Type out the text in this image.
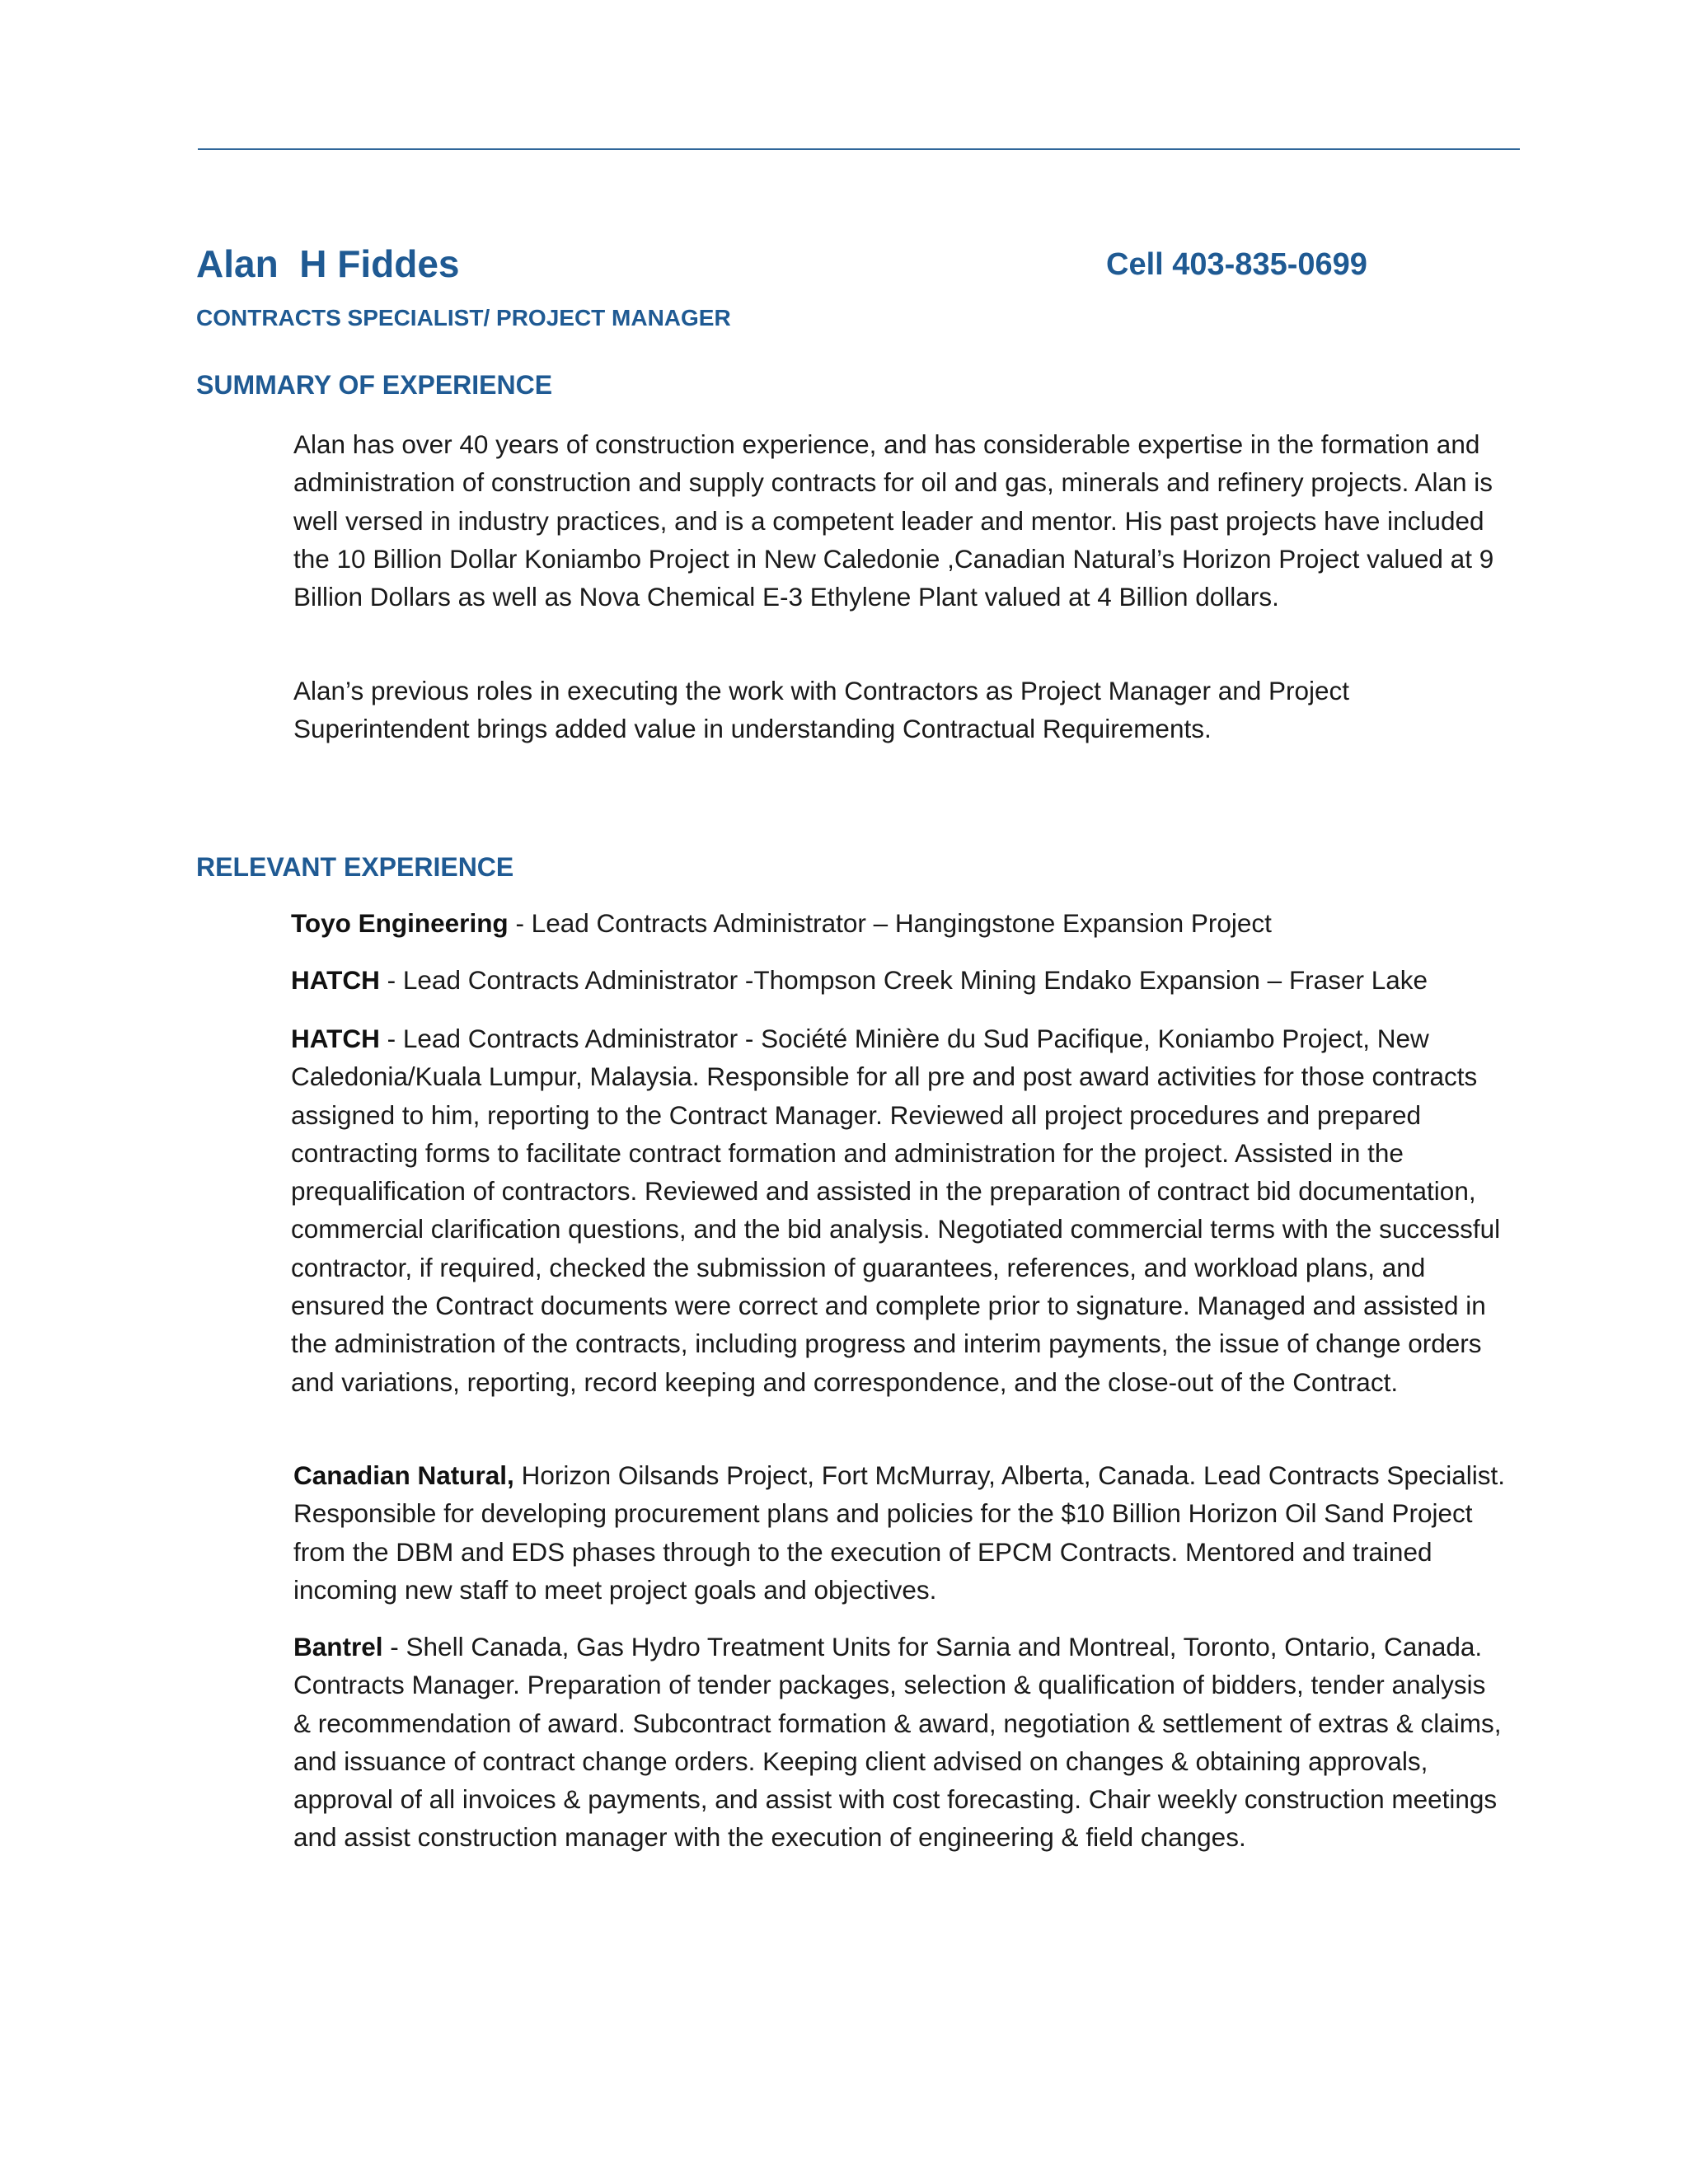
Alan  H Fiddes	Cell 403-835-0699
CONTRACTS SPECIALIST/ PROJECT MANAGER
SUMMARY OF EXPERIENCE

Alan has over 40 years of construction experience, and has considerable expertise in the formation and administration of construction and supply contracts for oil and gas, minerals and refinery projects. Alan is well versed in industry practices, and is a competent leader and mentor. His past projects have included the 10 Billion Dollar Koniambo Project in New Caledonie ,Canadian Natural’s Horizon Project valued at 9 Billion Dollars as well as Nova Chemical E-3 Ethylene Plant valued at 4 Billion dollars.

Alan’s previous roles in executing the work with Contractors as Project Manager and Project Superintendent brings added value in understanding Contractual Requirements.

RELEVANT EXPERIENCE

Toyo Engineering - Lead Contracts Administrator – Hangingstone Expansion Project

HATCH - Lead Contracts Administrator -Thompson Creek Mining Endako Expansion – Fraser Lake

HATCH - Lead Contracts Administrator - Société Minière du Sud Pacifique, Koniambo Project, New Caledonia/Kuala Lumpur, Malaysia. Responsible for all pre and post award activities for those contracts assigned to him, reporting to the Contract Manager. Reviewed all project procedures and prepared contracting forms to facilitate contract formation and administration for the project. Assisted in the prequalification of contractors. Reviewed and assisted in the preparation of contract bid documentation, commercial clarification questions, and the bid analysis. Negotiated commercial terms with the successful contractor, if required, checked the submission of guarantees, references, and workload plans, and ensured the Contract documents were correct and complete prior to signature. Managed and assisted in the administration of the contracts, including progress and interim payments, the issue of change orders and variations, reporting, record keeping and correspondence, and the close-out of the Contract.

Canadian Natural, Horizon Oilsands Project, Fort McMurray, Alberta, Canada. Lead Contracts Specialist. Responsible for developing procurement plans and policies for the $10 Billion Horizon Oil Sand Project from the DBM and EDS phases through to the execution of EPCM Contracts. Mentored and trained incoming new staff to meet project goals and objectives.

Bantrel - Shell Canada, Gas Hydro Treatment Units for Sarnia and Montreal, Toronto, Ontario, Canada. Contracts Manager. Preparation of tender packages, selection & qualification of bidders, tender analysis & recommendation of award. Subcontract formation & award, negotiation & settlement of extras & claims, and issuance of contract change orders. Keeping client advised on changes & obtaining approvals, approval of all invoices & payments, and assist with cost forecasting. Chair weekly construction meetings and assist construction manager with the execution of engineering & field changes.
